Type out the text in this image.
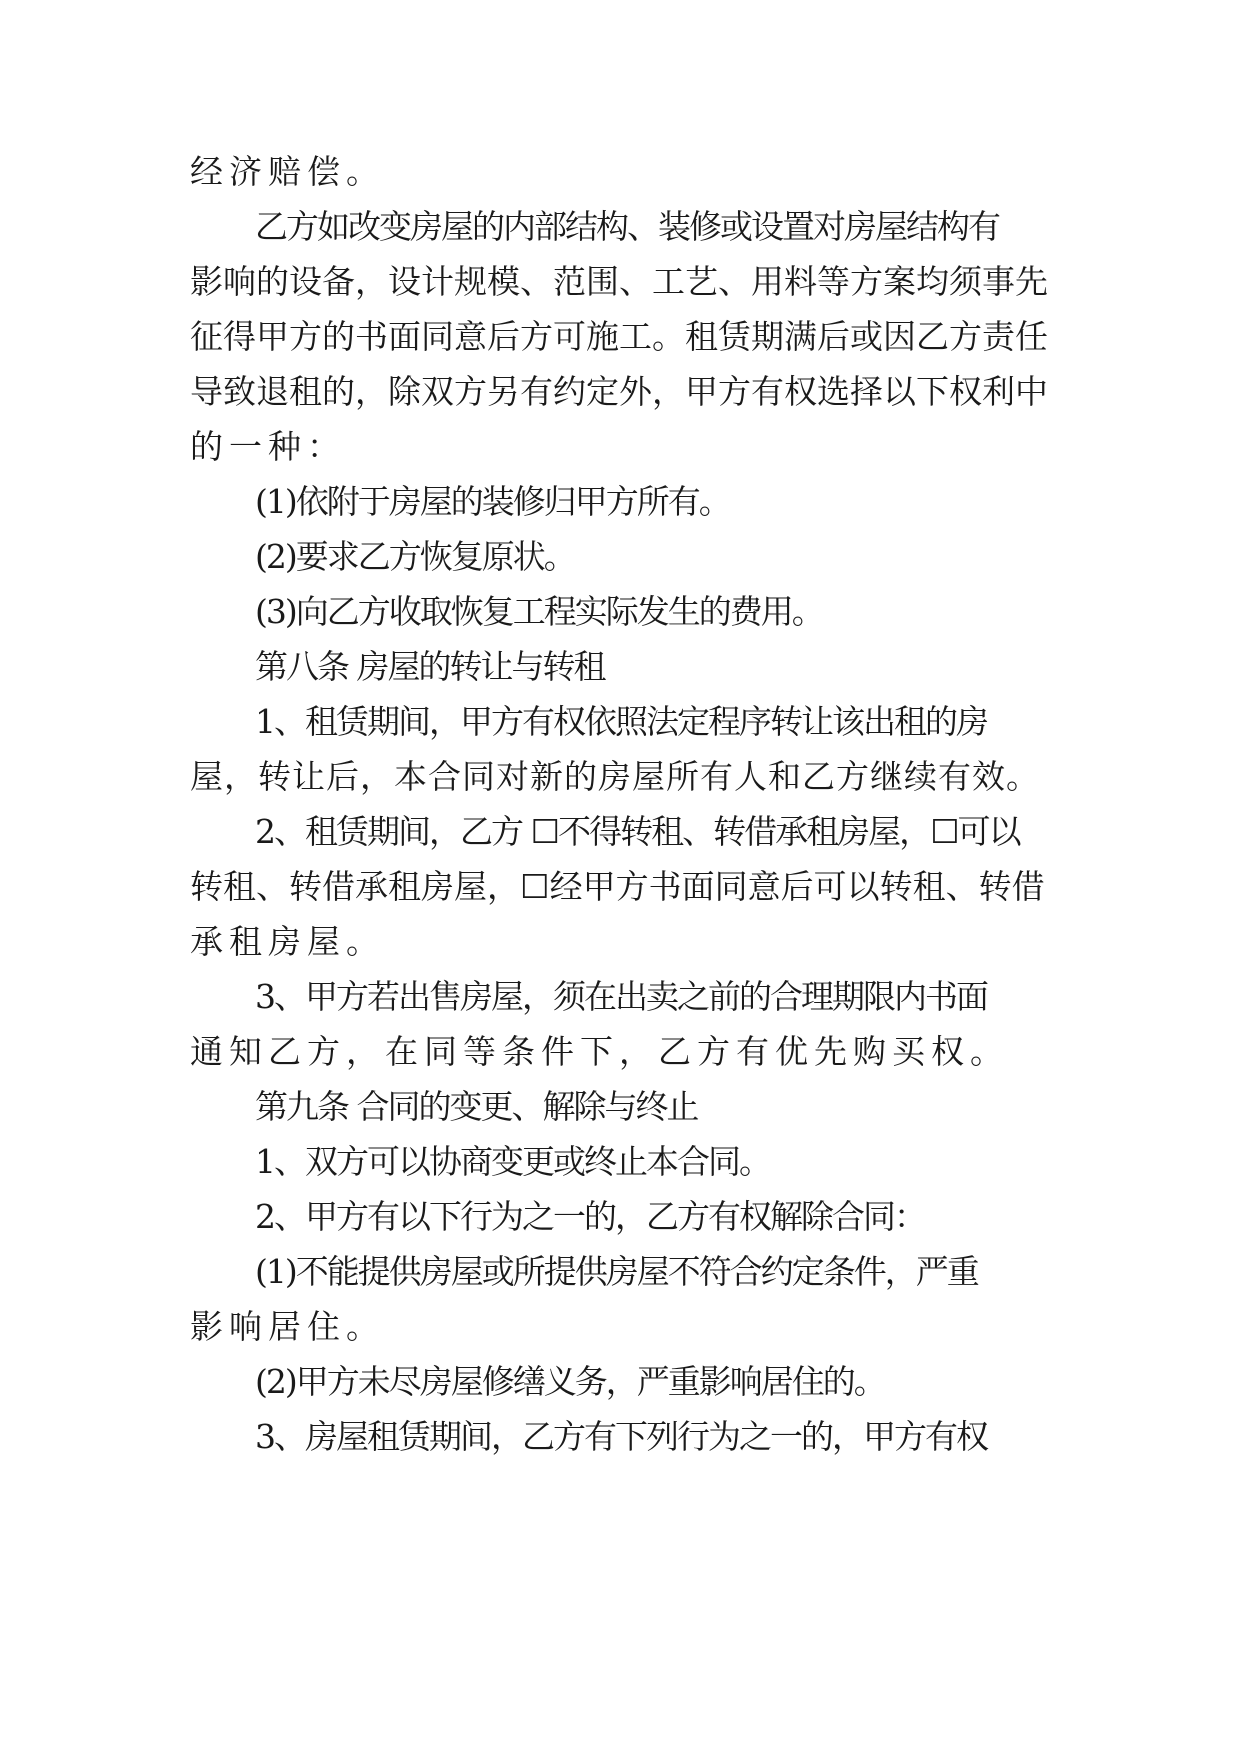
经济赔偿。
乙方如改变房屋的内部结构、装修或设置对房屋结构有
影响的设备，设计规模、范围、工艺、用料等方案均须事先
征得甲方的书面同意后方可施工。租赁期满后或因乙方责任
导致退租的，除双方另有约定外，甲方有权选择以下权利中
的一种：
(1)依附于房屋的装修归甲方所有。
(2)要求乙方恢复原状。
(3)向乙方收取恢复工程实际发生的费用。
第八条 房屋的转让与转租
1、租赁期间，甲方有权依照法定程序转让该出租的房
屋，转让后，本合同对新的房屋所有人和乙方继续有效。
2、租赁期间，乙方 ☐不得转租、转借承租房屋，☐可以
转租、转借承租房屋，☐经甲方书面同意后可以转租、转借
承租房屋。
3、甲方若出售房屋，须在出卖之前的合理期限内书面
通知乙方，在同等条件下，乙方有优先购买权。
第九条 合同的变更、解除与终止
1、双方可以协商变更或终止本合同。
2、甲方有以下行为之一的，乙方有权解除合同：
(1)不能提供房屋或所提供房屋不符合约定条件，严重
影响居住。
(2)甲方未尽房屋修缮义务，严重影响居住的。
3、房屋租赁期间，乙方有下列行为之一的，甲方有权
